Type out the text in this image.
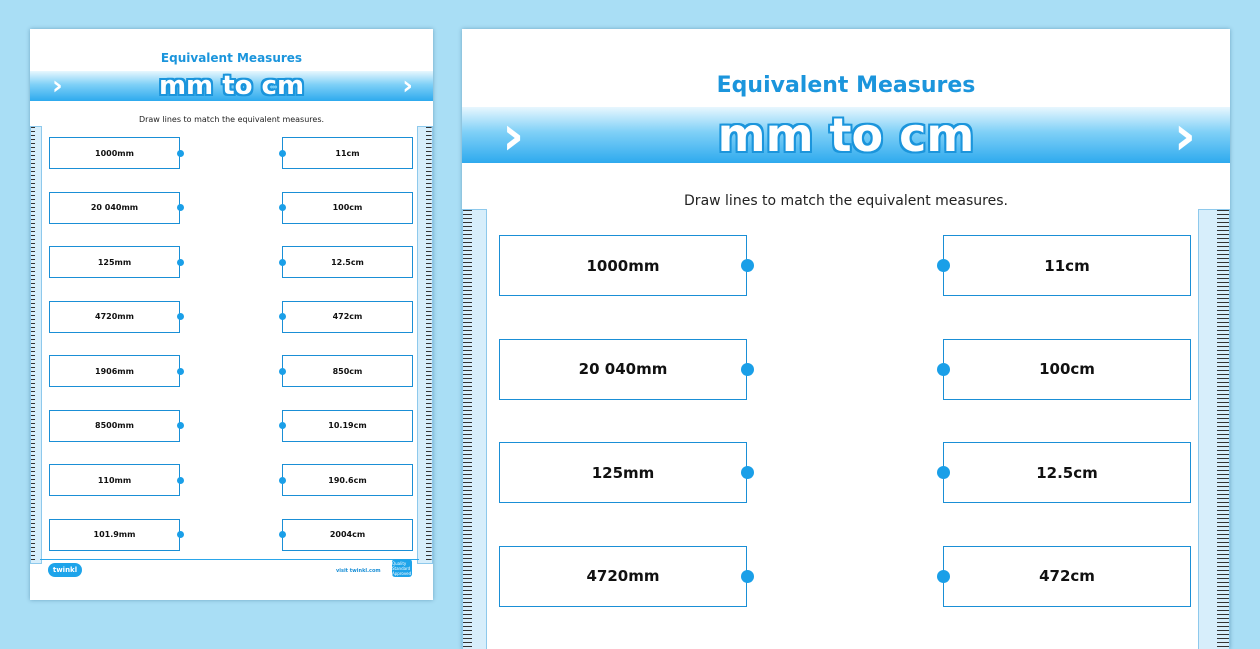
Equivalent Measures
›	›
mm to cm
Draw lines to match the equivalent measures.
1000mm	11cm
20 040mm	100cm
125mm	12.5cm
4720mm	472cm
1906mm	850cm
8500mm	10.19cm
110mm	190.6cm
101.9mm	2004cm
twinkl	visit twinkl.com
Quality Standard Approved
Equivalent Measures
›	›
mm to cm
Draw lines to match the equivalent measures.
1000mm	11cm
20 040mm	100cm
125mm	12.5cm
4720mm	472cm
